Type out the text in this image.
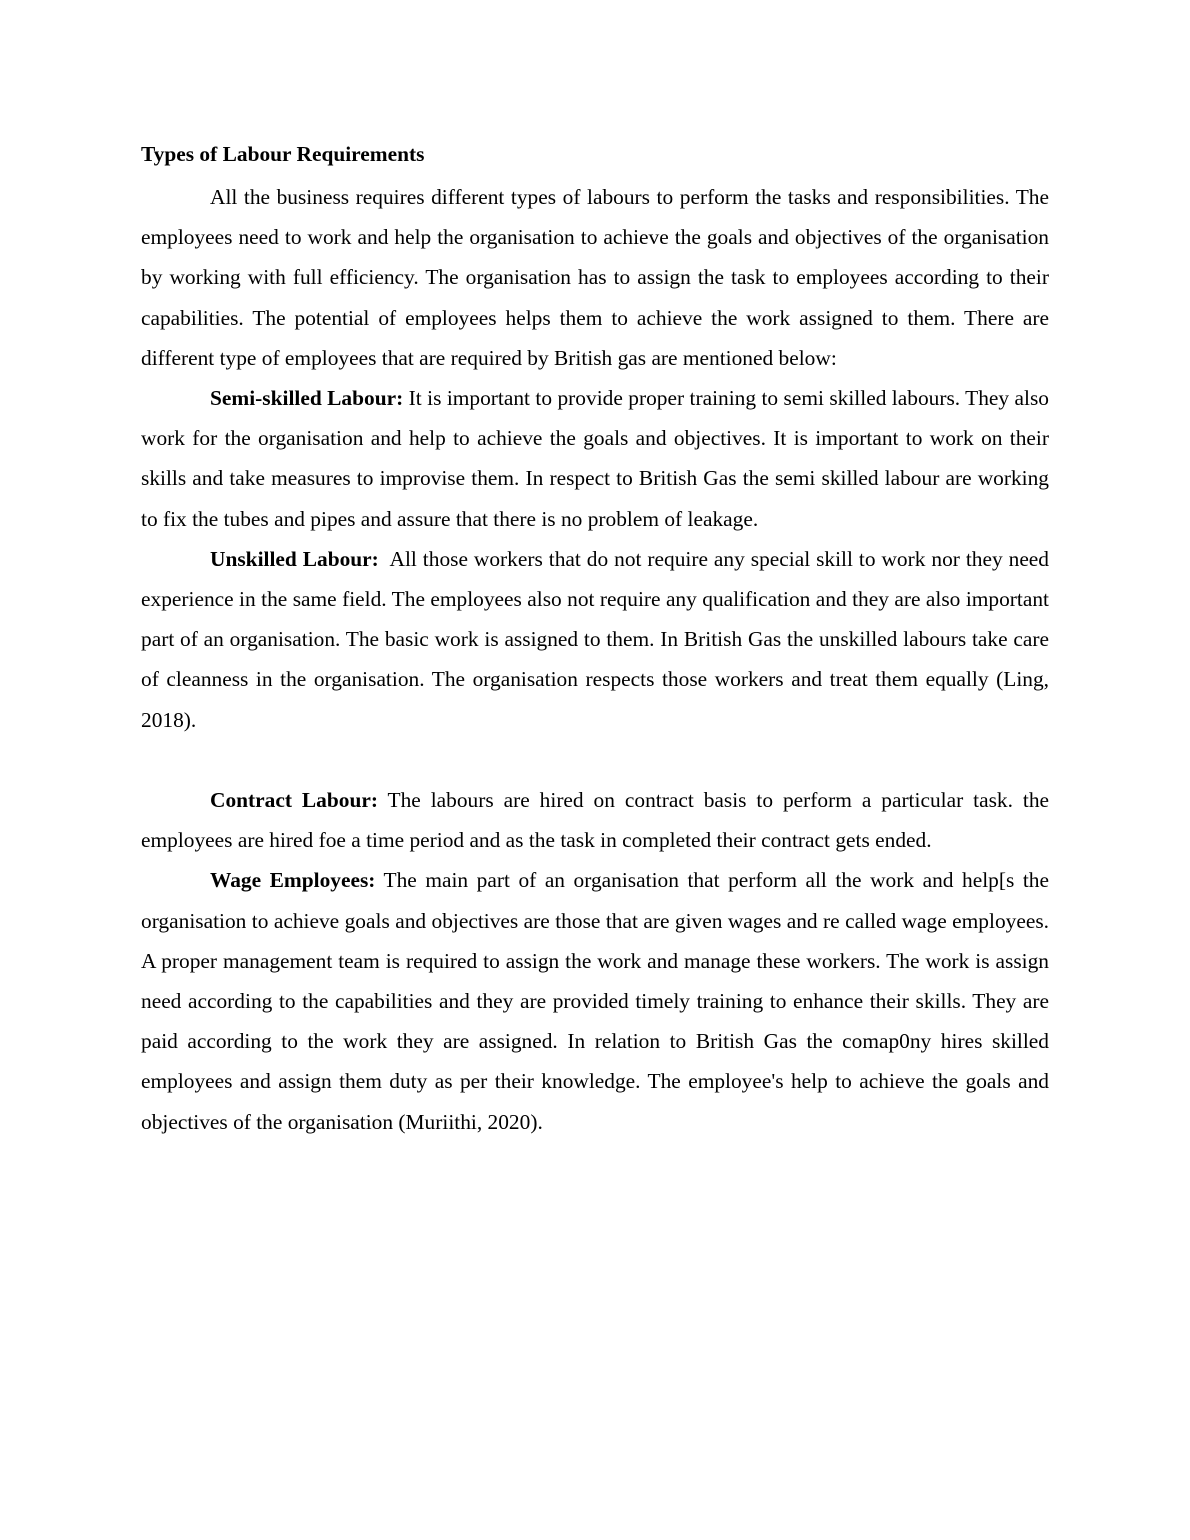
Types of Labour Requirements

All the business requires different types of labours to perform the tasks and responsibilities. The employees need to work and help the organisation to achieve the goals and objectives of the organisation by working with full efficiency. The organisation has to assign the task to employees according to their capabilities. The potential of employees helps them to achieve the work assigned to them. There are different type of employees that are required by British gas are mentioned below:

Semi-skilled Labour: It is important to provide proper training to semi skilled labours. They also work for the organisation and help to achieve the goals and objectives. It is important to work on their skills and take measures to improvise them. In respect to British Gas the semi skilled labour are working to fix the tubes and pipes and assure that there is no problem of leakage.

Unskilled Labour:  All those workers that do not require any special skill to work nor they need experience in the same field. The employees also not require any qualification and they are also important part of an organisation. The basic work is assigned to them. In British Gas the unskilled labours take care of cleanness in the organisation. The organisation respects those workers and treat them equally (Ling, 2018).

Contract Labour: The labours are hired on contract basis to perform a particular task. the employees are hired foe a time period and as the task in completed their contract gets ended.

Wage Employees: The main part of an organisation that perform all the work and help[s the organisation to achieve goals and objectives are those that are given wages and re called wage employees. A proper management team is required to assign the work and manage these workers. The work is assign need according to the capabilities and they are provided timely training to enhance their skills. They are paid according to the work they are assigned. In relation to British Gas the comap0ny hires skilled employees and assign them duty as per their knowledge. The employee's help to achieve the goals and objectives of the organisation (Muriithi, 2020).
